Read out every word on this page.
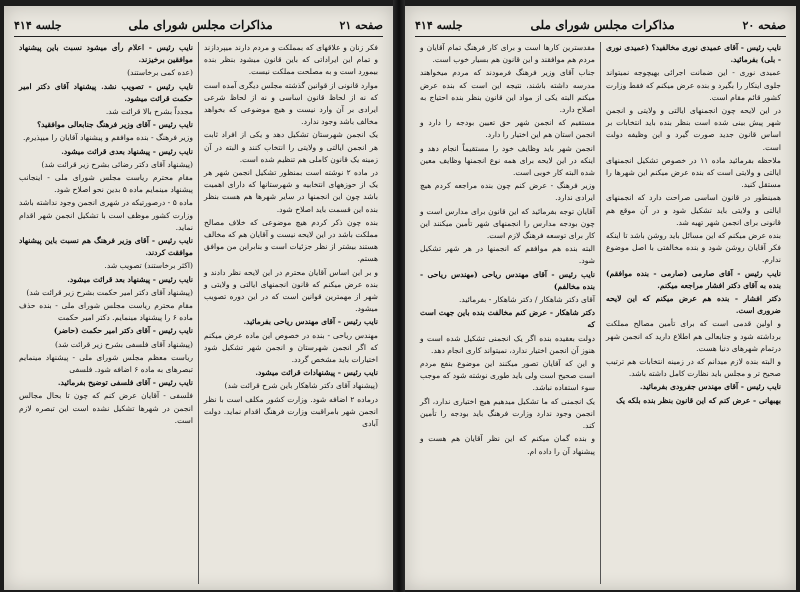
صفحه ۲۱
مذاکرات مجلس شورای ملی
جلسه ۴۱۴

فکر زنان و علاقهای که بمملکت و مردم دارند میپردازند و تمام این ایراداتی که باین قانون میشود بنظر بنده بیمورد است و به مصلحت مملکت نیست.

موارد قانونی از قوانین گذشته مجلس دیگری آمده است که نه از لحاظ قانون اساسی و نه از لحاظ شرعی ایرادی بر آن وارد نیست و هیچ موضوعی که بخواهد مخالف باشد وجود ندارد.

یک انجمن شهرستان تشکیل دهد و یکی از افراد ثابت هر انجمن ایالتی و ولایتی را انتخاب کنند و البته در آن زمینه یک قانون کاملی هم تنظیم شده است.

در ماده ۲ نوشته است بمنظور تشکیل انجمن شهر هر یک از حوزههای انتخابیه و شهرستانها که دارای اهمیت باشد چون این انجمنها در سایر شهرها هم هست بنظر بنده این قسمت باید اصلاح شود.

بنده چون ذکر کردم هیچ موضوعی که خلاف مصالح مملکت باشد در این لایحه نیست و آقایان هم که مخالف هستند بیشتر از نظر جزئیات است و بنابراین من موافق هستم.

و بر این اساس آقایان محترم در این لایحه نظر دادند و بنده عرض میکنم که قانون انجمنهای ایالتی و ولایتی و شهر از مهمترین قوانین است که در این دوره تصویب میشود.

نایب رئیس - آقای مهندس ریاحی بفرمائید.

مهندس ریاحی - بنده در خصوص این ماده عرض میکنم که اگر انجمن شهرستان و انجمن شهر تشکیل شود اختیارات باید مشخص گردد.

نایب رئیس - پیشنهادات قرائت میشود.

(پیشنهاد آقای دکتر شاهکار باین شرح قرائت شد)

درماده ۲ اضافه شود. وزارت کشور مکلف است با نظر انجمن شهر بامراقبت وزارت فرهنگ اقدام نماید. دولت آبادی

نایب رئیس - اعلام رأی میشود نسبت باین پیشنهاد موافقین برخیزند.

(عده کمی برخاستند)

نایب رئیس - تصویب نشد. پیشنهاد آقای دکتر امیر حکمت قرائت میشود.

مجدداً بشرح بالا قرائت شد.

نایب رئیس - آقای وزیر فرهنگ جنابعالی موافقید؟

وزیر فرهنگ - بنده موافقم و پیشنهاد آقایان را میپذیرم.

نایب رئیس - پیشنهاد بعدی قرائت میشود.

(پیشنهاد آقای دکتر رضائی بشرح زیر قرائت شد)

مقام محترم ریاست مجلس شورای ملی - اینجانب پیشنهاد مینمایم ماده ۵ بدین نحو اصلاح شود.

ماده ۵ - درصورتیکه در شهری انجمن وجود نداشته باشد وزارت کشور موظف است با تشکیل انجمن شهر اقدام نماید.

نایب رئیس - آقای وزیر فرهنگ هم نسبت باین پیشنهاد موافقت کردند.

(اکثر برخاستند) تصویب شد.

نایب رئیس - پیشنهاد بعد قرائت میشود.

(پیشنهاد آقای دکتر امیر حکمت بشرح زیر قرائت شد)

مقام محترم ریاست مجلس شورای ملی - بنده حذف ماده ۶ را پیشنهاد مینمایم. دکتر امیر حکمت

نایب رئیس - آقای دکتر امیر حکمت (حاضر)

(پیشنهاد آقای فلسفی بشرح زیر قرائت شد)

ریاست معظم مجلس شورای ملی - پیشنهاد مینمایم تبصرهای به ماده ۶ اضافه شود. فلسفی

نایب رئیس - آقای فلسفی توضیح بفرمائید.

فلسفی - آقایان عرض کنم که چون تا بحال مجالس انجمن در شهرها تشکیل نشده است این تبصره لازم است.

صفحه ۲۰
مذاکرات مجلس شورای ملی
جلسه ۴۱۴

نایب رئیس - آقای عمیدی نوری مخالفید؟ (عمیدی نوری - بلی) بفرمائید.

عمیدی نوری - این ضمانت اجرائی بهیچوجه نمیتواند جلوی اینکار را بگیرد و بنده عرض میکنم که فقط وزارت کشور قائم مقام است.

در این لایحه چون انجمنهای ایالتی و ولایتی و انجمن شهر پیش بینی شده است بنظر بنده باید انتخابات بر اساس قانون جدید صورت گیرد و این وظیفه دولت است.

ملاحظه بفرمائید ماده ۱۱ در خصوص تشکیل انجمنهای ایالتی و ولایتی است که بنده عرض میکنم این شهرها را مستقل کنید.

همینطور در قانون اساسی صراحت دارد که انجمنهای ایالتی و ولایتی باید تشکیل شود و در آن موقع هم قانونی برای انجمن شهر تهیه شد.

بنده عرض میکنم که این مسائل باید روشن باشد تا اینکه فکر آقایان روشن شود و بنده مخالفتی با اصل موضوع ندارم.

نایب رئیس - آقای صارمی (صارمی - بنده موافقم) بنده به آقای دکتر افشار مراجعه میکنم.

دکتر افشار - بنده هم عرض میکنم که این لایحه ضروری است.

و اولین قدمی است که برای تأمین مصالح مملکت برداشته شود و جنابعالی هم اطلاع دارید که انجمن شهر درتمام شهرهای دنیا هست.

و البته بنده لازم میدانم که در زمینه انتخابات هم ترتیب صحیح تر و مجلس باید نظارت کامل داشته باشد.

نایب رئیس - آقای مهندس جفرودی بفرمائید.

بهبهانی - عرض کنم که این قانون بنظر بنده بلکه یک

مقدسترین کارها است و برای کار فرهنگ تمام آقایان و مردم هم موافقند و این قانون هم بسیار خوب است.

جناب آقای وزیر فرهنگ فرمودند که مردم میخواهند مدرسه داشته باشند، نتیجه این است که بنده عرض میکنم البته یکی از مواد این قانون بنظر بنده احتیاج به اصلاح دارد.

مستقیم که انجمن شهر حق تعیین بودجه را دارد و انجمن استان هم این اختیار را دارد.

انجمن شهر باید وظایف خود را مستقیماً انجام دهد و اینکه در این لایحه برای همه نوع انجمنها وظایف معین شده البته کار خوبی است.

وزیر فرهنگ - عرض کنم چون بنده مراجعه کردم هیچ ایرادی ندارد.

آقایان توجه بفرمائید که این قانون برای مدارس است و چون بودجه مدارس را انجمنهای شهر تأمین میکنند این کار برای توسعه فرهنگ لازم است.

البته بنده هم موافقم که انجمنها در هر شهر تشکیل شود.

نایب رئیس - آقای مهندس ریاحی (مهندس ریاحی - بنده مخالفم)

آقای دکتر شاهکار / دکتر شاهکار - بفرمائید.

دکتر شاهکار - عرض کنم مخالفت بنده باین جهت است که

دولت بعقیده بنده اگر یک انجمنی تشکیل شده است و هنوز آن انجمن اختیار ندارد، نمیتواند کاری انجام دهد.

و این که آقایان تصور میکنند این موضوع بنفع مردم است صحیح است ولی باید طوری نوشته شود که موجب سوء استفاده نباشد.

یک انجمنی که ما تشکیل میدهیم هیچ اختیاری ندارد، اگر انجمن وجود ندارد وزارت فرهنگ باید بودجه را تأمین کند.

و بنده گمان میکنم که این نظر آقایان هم هست و پیشنهاد آن را داده ام.
